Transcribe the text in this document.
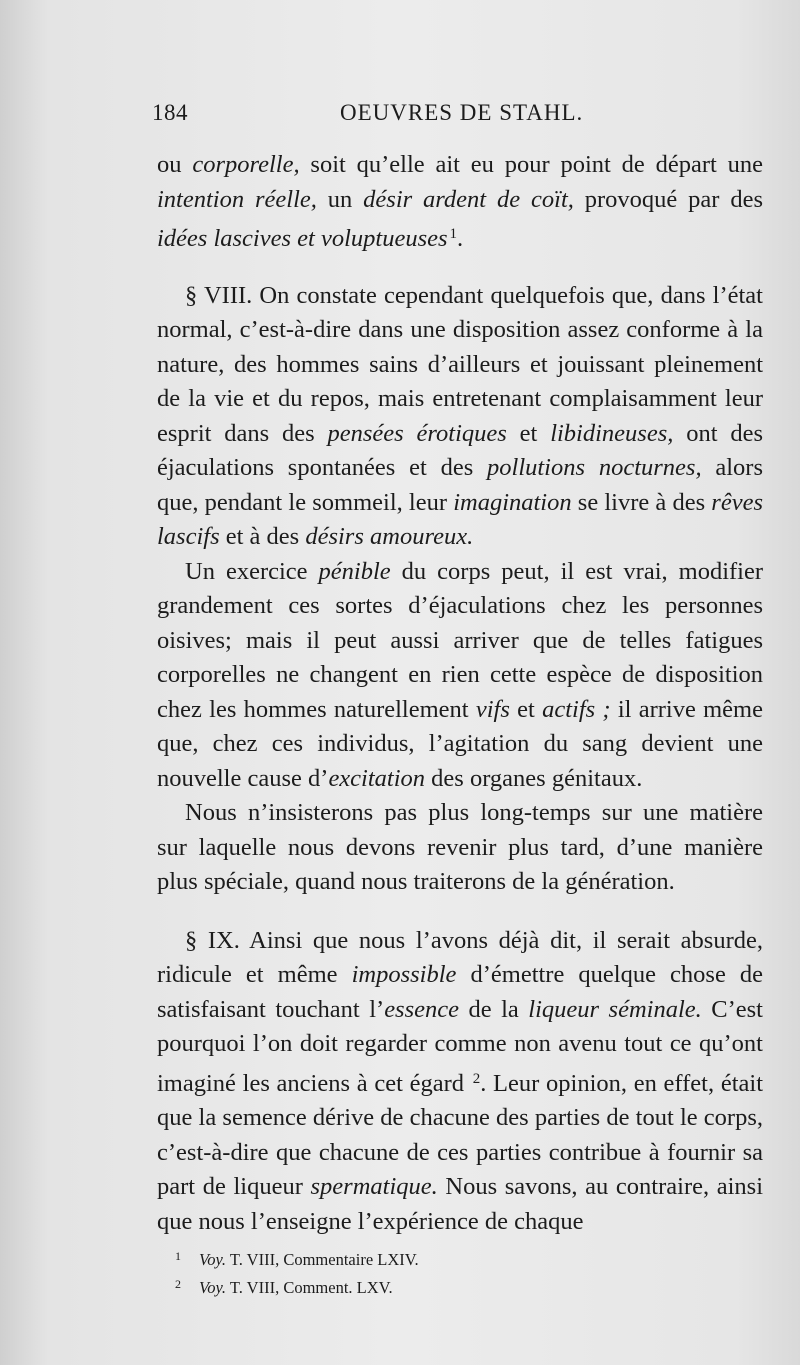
184	OEUVRES DE STAHL.

ou corporelle, soit qu’elle ait eu pour point de départ une intention réelle, un désir ardent de coït, provoqué par des idées lascives et voluptueuses $^1$.

§ VIII. On constate cependant quelquefois que, dans l’état normal, c’est-à-dire dans une disposition assez conforme à la nature, des hommes sains d’ailleurs et jouissant pleinement de la vie et du repos, mais entretenant complaisamment leur esprit dans des pensées érotiques et libidineuses, ont des éjaculations spontanées et des pollutions nocturnes, alors que, pendant le sommeil, leur imagination se livre à des rêves lascifs et à des désirs amoureux.

Un exercice pénible du corps peut, il est vrai, modifier grandement ces sortes d’éjaculations chez les personnes oisives; mais il peut aussi arriver que de telles fatigues corporelles ne changent en rien cette espèce de disposition chez les hommes naturellement vifs et actifs ; il arrive même que, chez ces individus, l’agitation du sang devient une nouvelle cause d’excitation des organes génitaux.

Nous n’insisterons pas plus long-temps sur une matière sur laquelle nous devons revenir plus tard, d’une manière plus spéciale, quand nous traiterons de la génération.

§ IX. Ainsi que nous l’avons déjà dit, il serait absurde, ridicule et même impossible d’émettre quelque chose de satisfaisant touchant l’essence de la liqueur séminale. C’est pourquoi l’on doit regarder comme non avenu tout ce qu’ont imaginé les anciens à cet égard $^2$. Leur opinion, en effet, était que la semence dérive de chacune des parties de tout le corps, c’est-à-dire que chacune de ces parties contribue à fournir sa part de liqueur spermatique. Nous savons, au contraire, ainsi que nous l’enseigne l’expérience de chaque

1 Voy. T. VIII, Commentaire LXIV.
2 Voy. T. VIII, Comment. LXV.
